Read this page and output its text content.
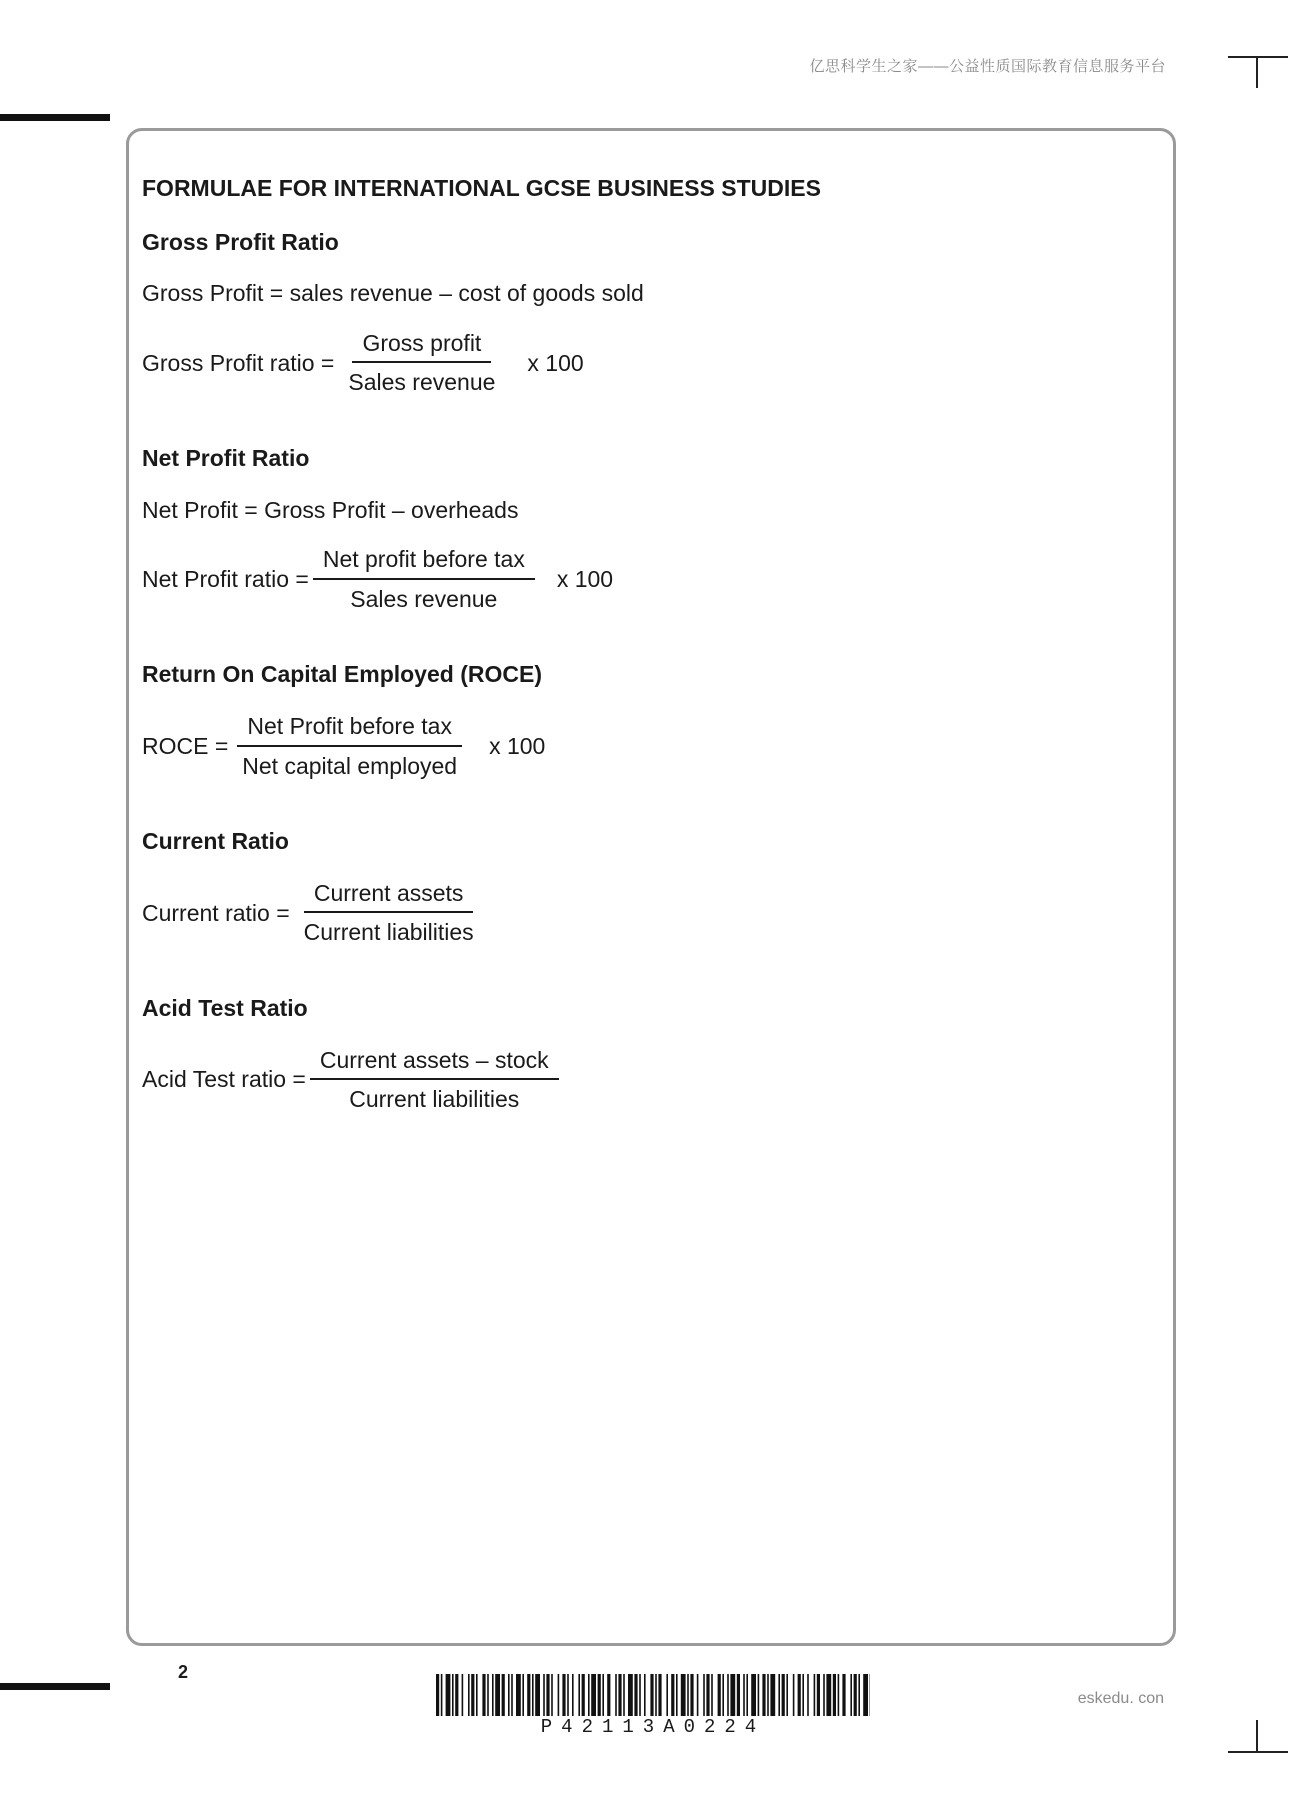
亿思科学生之家——公益性质国际教育信息服务平台
FORMULAE FOR INTERNATIONAL GCSE BUSINESS STUDIES
Gross Profit Ratio
Gross Profit = sales revenue – cost of goods sold
Gross Profit ratio = $\frac{\text{Gross profit}}{\text{Sales revenue}}$ x 100
Net Profit Ratio
Net Profit = Gross Profit – overheads
Net Profit ratio = $\frac{\text{Net profit before tax}}{\text{Sales revenue}}$ x 100
Return On Capital Employed (ROCE)
ROCE = $\frac{\text{Net Profit before tax}}{\text{Net capital employed}}$ x 100
Current Ratio
Current ratio = $\frac{\text{Current assets}}{\text{Current liabilities}}$
Acid Test Ratio
Acid Test ratio = $\frac{\text{Current assets – stock}}{\text{Current liabilities}}$
2
P42113A0224
eskedu. con
